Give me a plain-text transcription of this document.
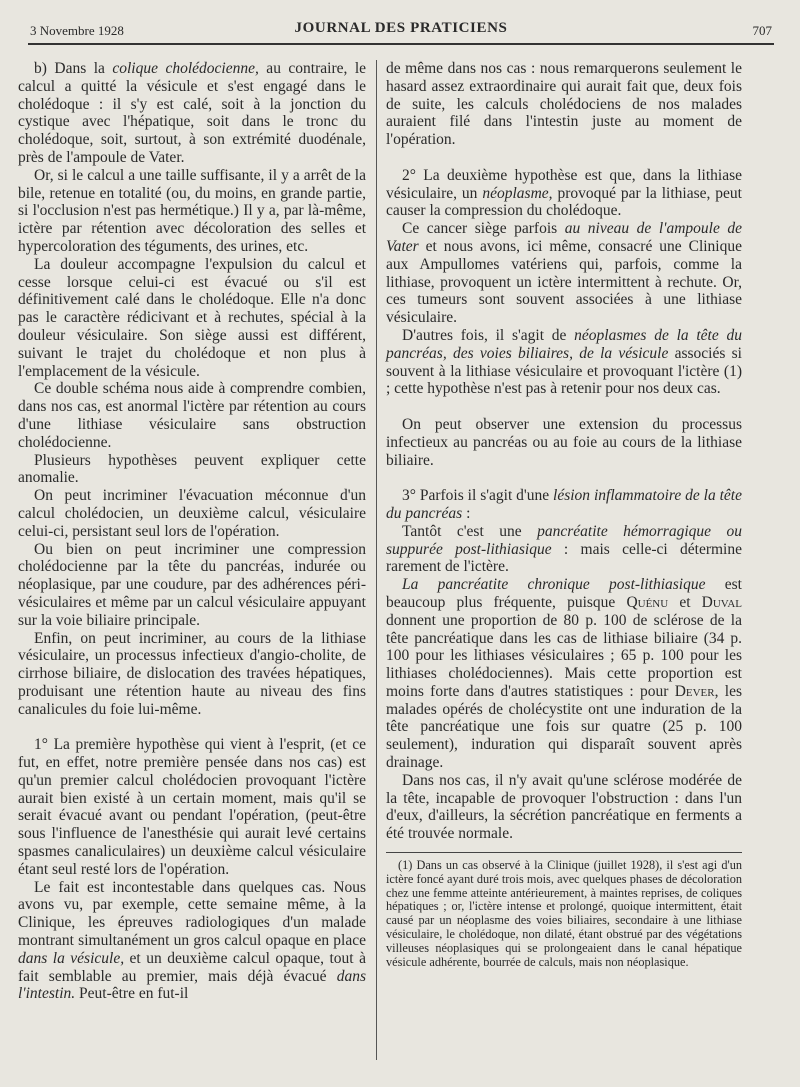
3 Novembre 1928	JOURNAL DES PRATICIENS	707

b) Dans la colique cholédocienne, au contraire, le calcul a quitté la vésicule et s'est engagé dans le cholédoque : il s'y est calé, soit à la jonction du cystique avec l'hépatique, soit dans le tronc du cholédoque, soit, surtout, à son extrémité duodénale, près de l'ampoule de Vater.

Or, si le calcul a une taille suffisante, il y a arrêt de la bile, retenue en totalité (ou, du moins, en grande partie, si l'occlusion n'est pas hermétique.) Il y a, par là-même, ictère par rétention avec décoloration des selles et hypercoloration des téguments, des urines, etc.

La douleur accompagne l'expulsion du calcul et cesse lorsque celui-ci est évacué ou s'il est définitivement calé dans le cholédoque. Elle n'a donc pas le caractère rédicivant et à rechutes, spécial à la douleur vésiculaire. Son siège aussi est différent, suivant le trajet du cholédoque et non plus à l'emplacement de la vésicule.

Ce double schéma nous aide à comprendre combien, dans nos cas, est anormal l'ictère par rétention au cours d'une lithiase vésiculaire sans obstruction cholédocienne.

Plusieurs hypothèses peuvent expliquer cette anomalie.

On peut incriminer l'évacuation méconnue d'un calcul cholédocien, un deuxième calcul, vésiculaire celui-ci, persistant seul lors de l'opération.

Ou bien on peut incriminer une compression cholédocienne par la tête du pancréas, indurée ou néoplasique, par une coudure, par des adhérences péri-vésiculaires et même par un calcul vésiculaire appuyant sur la voie biliaire principale.

Enfin, on peut incriminer, au cours de la lithiase vésiculaire, un processus infectieux d'angio-cholite, de cirrhose biliaire, de dislocation des travées hépatiques, produisant une rétention haute au niveau des fins canalicules du foie lui-même.

1° La première hypothèse qui vient à l'esprit, (et ce fut, en effet, notre première pensée dans nos cas) est qu'un premier calcul cholédocien provoquant l'ictère aurait bien existé à un certain moment, mais qu'il se serait évacué avant ou pendant l'opération, (peut-être sous l'influence de l'anesthésie qui aurait levé certains spasmes canaliculaires) un deuxième calcul vésiculaire étant seul resté lors de l'opération.

Le fait est incontestable dans quelques cas. Nous avons vu, par exemple, cette semaine même, à la Clinique, les épreuves radiologiques d'un malade montrant simultanément un gros calcul opaque en place dans la vésicule, et un deuxième calcul opaque, tout à fait semblable au premier, mais déjà évacué dans l'intestin. Peut-être en fut-il

de même dans nos cas : nous remarquerons seulement le hasard assez extraordinaire qui aurait fait que, deux fois de suite, les calculs cholédociens de nos malades auraient filé dans l'intestin juste au moment de l'opération.

2° La deuxième hypothèse est que, dans la lithiase vésiculaire, un néoplasme, provoqué par la lithiase, peut causer la compression du cholédoque.

Ce cancer siège parfois au niveau de l'ampoule de Vater et nous avons, ici même, consacré une Clinique aux Ampullomes vatériens qui, parfois, comme la lithiase, provoquent un ictère intermittent à rechute. Or, ces tumeurs sont souvent associées à une lithiase vésiculaire.

D'autres fois, il s'agit de néoplasmes de la tête du pancréas, des voies biliaires, de la vésicule associés si souvent à la lithiase vésiculaire et provoquant l'ictère (1) ; cette hypothèse n'est pas à retenir pour nos deux cas.

On peut observer une extension du processus infectieux au pancréas ou au foie au cours de la lithiase biliaire.

3° Parfois il s'agit d'une lésion inflammatoire de la tête du pancréas :

Tantôt c'est une pancréatite hémorragique ou suppurée post-lithiasique : mais celle-ci détermine rarement de l'ictère.

La pancréatite chronique post-lithiasique est beaucoup plus fréquente, puisque Quénu et Duval donnent une proportion de 80 p. 100 de sclérose de la tête pancréatique dans les cas de lithiase biliaire (34 p. 100 pour les lithiases vésiculaires ; 65 p. 100 pour les lithiases cholédociennes). Mais cette proportion est moins forte dans d'autres statistiques : pour Dever, les malades opérés de cholécystite ont une induration de la tête pancréatique une fois sur quatre (25 p. 100 seulement), induration qui disparaît souvent après drainage.

Dans nos cas, il n'y avait qu'une sclérose modérée de la tête, incapable de provoquer l'obstruction : dans l'un d'eux, d'ailleurs, la sécrétion pancréatique en ferments a été trouvée normale.

(1) Dans un cas observé à la Clinique (juillet 1928), il s'est agi d'un ictère foncé ayant duré trois mois, avec quelques phases de décoloration chez une femme atteinte antérieurement, à maintes reprises, de coliques hépatiques ; or, l'ictère intense et prolongé, quoique intermittent, était causé par un néoplasme des voies biliaires, secondaire à une lithiase vésiculaire, le cholédoque, non dilaté, étant obstrué par des végétations villeuses néoplasiques qui se prolongeaient dans le canal hépatique vésicule adhérente, bourrée de calculs, mais non néoplasique.
